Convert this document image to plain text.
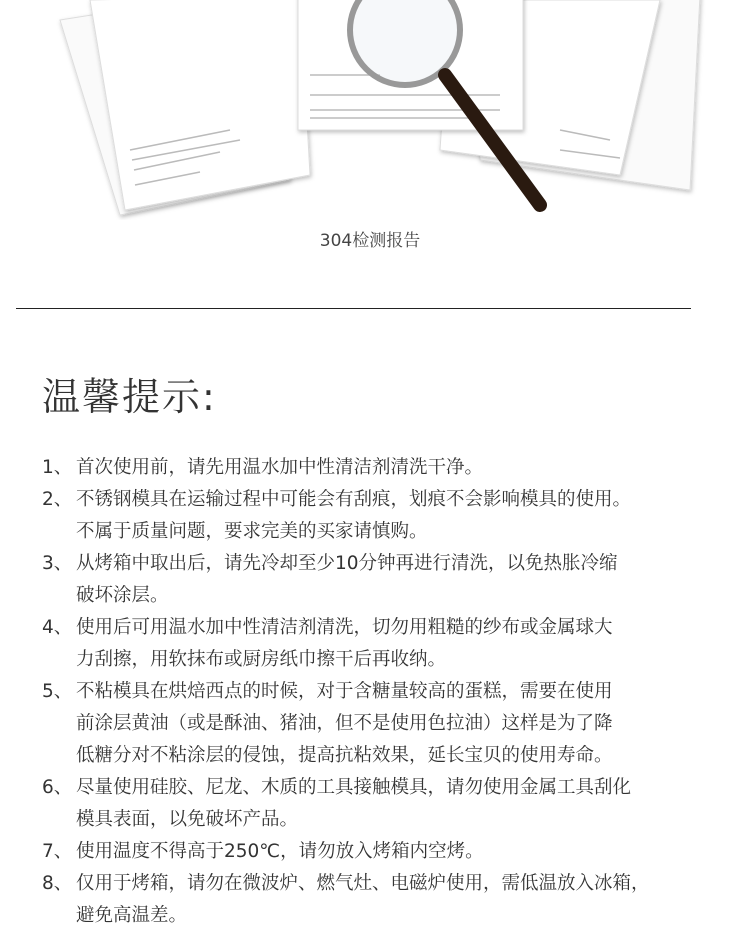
304检测报告
温馨提示:
1、 首次使用前，请先用温水加中性清洁剂清洗干净。
2、 不锈钢模具在运输过程中可能会有刮痕，划痕不会影响模具的使用。
不属于质量问题，要求完美的买家请慎购。
3、 从烤箱中取出后，请先冷却至少10分钟再进行清洗，以免热胀冷缩
破坏涂层。
4、 使用后可用温水加中性清洁剂清洗，切勿用粗糙的纱布或金属球大
力刮擦，用软抹布或厨房纸巾擦干后再收纳。
5、 不粘模具在烘焙西点的时候，对于含糖量较高的蛋糕，需要在使用
前涂层黄油（或是酥油、猪油，但不是使用色拉油）这样是为了降
低糖分对不粘涂层的侵蚀，提高抗粘效果，延长宝贝的使用寿命。
6、 尽量使用硅胶、尼龙、木质的工具接触模具，请勿使用金属工具刮化
模具表面，以免破坏产品。
7、 使用温度不得高于250℃，请勿放入烤箱内空烤。
8、 仅用于烤箱，请勿在微波炉、燃气灶、电磁炉使用，需低温放入冰箱，
避免高温差。
